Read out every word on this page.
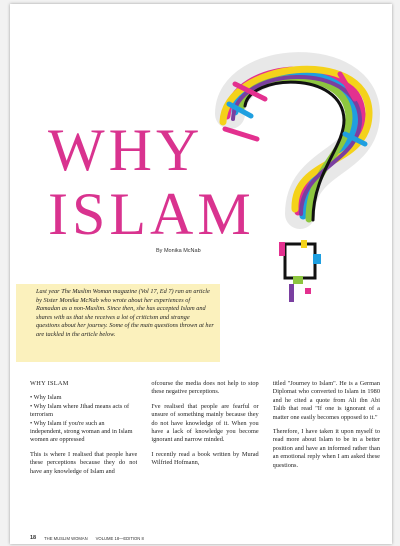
WHY
ISLAM
By Monika McNab
Last year The Muslim Woman magazine (Vol 17, Ed 7) ran an article by Sister Monika McNab who wrote about her experiences of Ramadan as a non-Muslim. Since then, she has accepted Islam and shares with us that she receives a lot of criticism and strange questions about her journey. Some of the main questions thrown at her are tackled in the article below.

WHY ISLAM

• Why Islam
• Why Islam where Jihad means acts of terrorism
• Why Islam if you're such an independent, strong woman and in Islam women are oppressed

This is where I realised that people have these perceptions because they do not have any knowledge of Islam and

ofcourse the media does not help to stop these negative perceptions.

I've realised that people are fearful or unsure of something mainly because they do not have knowledge of it. When you have a lack of knowledge you become ignorant and narrow minded.

I recently read a book written by Murad Wilfried Hofmann,

titled "Journey to Islam". He is a German Diplomat who converted to Islam in 1980 and he cited a quote from Ali ibn Abi Talib that read "If one is ignorant of a matter one easily becomes opposed to it."

Therefore, I have taken it upon myself to read more about Islam to be in a better position and have an informed rather than an emotional reply when I am asked these questions.

18 THE MUSLIM WOMAN VOLUME 18—EDITION 8
